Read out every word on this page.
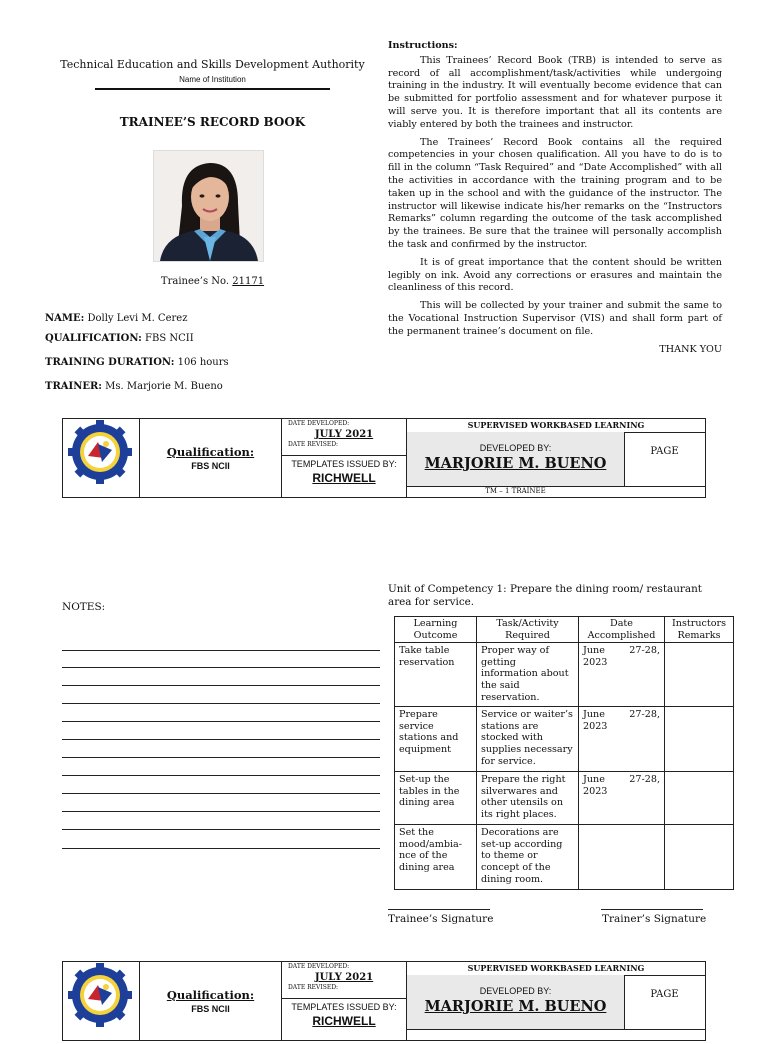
Technical Education and Skills Development Authority
Name of Institution
TRAINEE’S RECORD BOOK
Trainee’s No. 21171
NAME: Dolly Levi M. Cerez
QUALIFICATION: FBS NCII
TRAINING DURATION: 106 hours
TRAINER: Ms. Marjorie M. Bueno
Instructions:

This Trainees’ Record Book (TRB) is intended to serve as record of all accomplishment/task/activities while undergoing training in the industry. It will eventually become evidence that can be submitted for portfolio assessment and for whatever purpose it will serve you. It is therefore important that all its contents are viably entered by both the trainees and instructor.

The Trainees’ Record Book contains all the required competencies in your chosen qualification. All you have to do is to fill in the column “Task Required” and “Date Accomplished” with all the activities in accordance with the training program and to be taken up in the school and with the guidance of the instructor. The instructor will likewise indicate his/her remarks on the “Instructors Remarks” column regarding the outcome of the task accomplished by the trainees. Be sure that the trainee will personally accomplish the task and confirmed by the instructor.

It is of great importance that the content should be written legibly on ink. Avoid any corrections or erasures and maintain the cleanliness of this record.

This will be collected by your trainer and submit the same to the Vocational Instruction Supervisor (VIS) and shall form part of the permanent trainee’s document on file.

THANK YOU
Qualification:
FBS NCII
DATE DEVELOPED:
JULY 2021
DATE REVISED:
TEMPLATES ISSUED BY:
RICHWELL
SUPERVISED WORKBASED LEARNING
DEVELOPED BY:
MARJORIE M. BUENO
PAGE
TM – 1 TRAINEE
Unit of Competency 1: Prepare the dining room/ restaurant area for service.
NOTES:
Learning Outcome	Task/Activity Required	Date Accomplished	Instructors Remarks
Take table reservation	Proper way of getting information about the said reservation.	June 27-28,
2023	

Prepare service stations and equipment	Service or waiter’s stations are stocked with supplies necessary for service.	June 27-28,
2023	

Set-up the tables in the dining area	Prepare the right silverwares and other utensils on its right places.	June 27-28,
2023	

Set the mood/ambia-nce of the dining area	Decorations are set-up according to theme or concept of the dining room.	

Trainee’s Signature	Trainer’s Signature
Qualification:
FBS NCII
DATE DEVELOPED:
JULY 2021
DATE REVISED:
TEMPLATES ISSUED BY:
RICHWELL
SUPERVISED WORKBASED LEARNING
DEVELOPED BY:
MARJORIE M. BUENO
PAGE
